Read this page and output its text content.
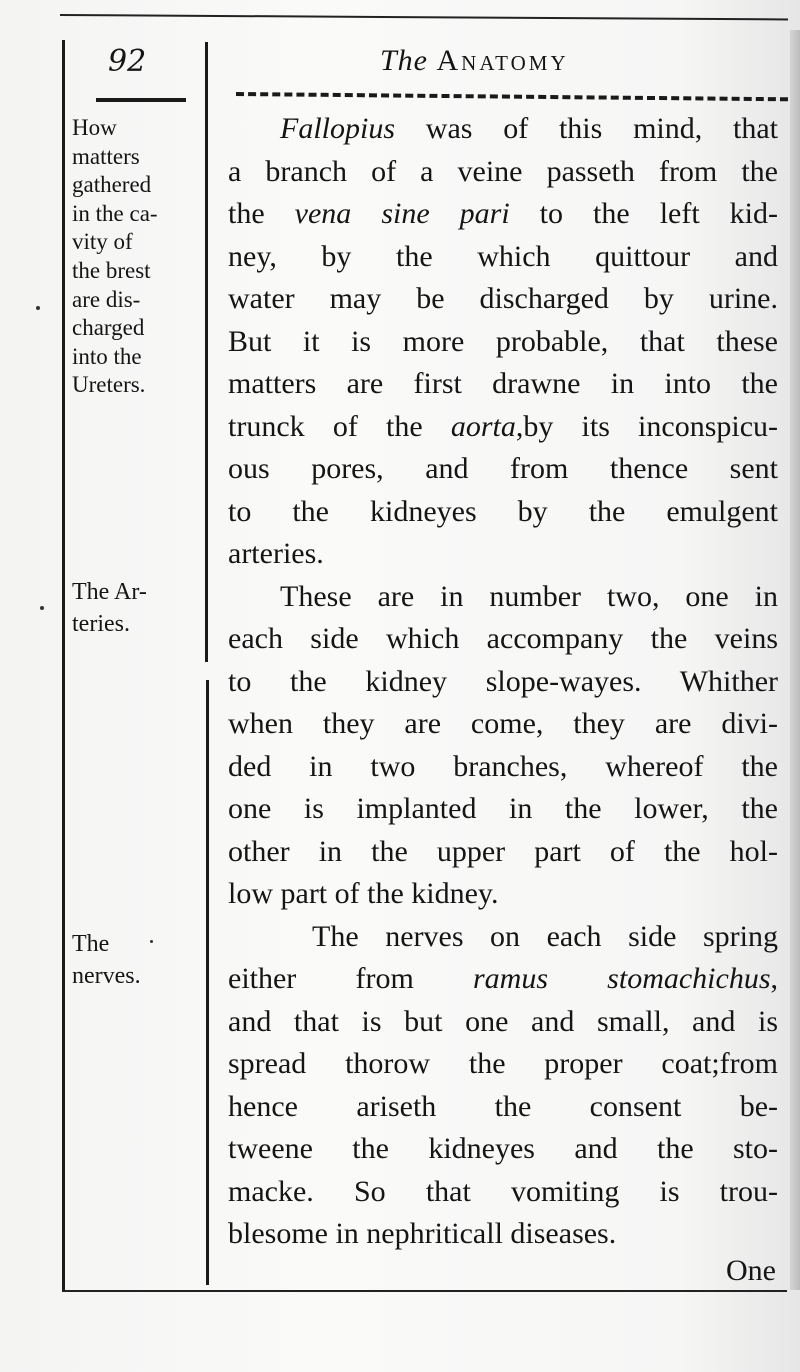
92	The Anatomy
How
matters
gathered
in the ca-
vity of
the brest
are dis-
charged
into the
Ureters.
The Ar-
teries.
The
nerves.
Fallopius was of this mind, that
a branch of a veine passeth from the
the vena sine pari to the left kid-
ney, by the which quittour and
water may be discharged by urine.
But it is more probable, that these
matters are first drawne in into the
trunck of the aorta,by its inconspicu-
ous pores, and from thence sent
to the kidneyes by the emulgent
arteries.
These are in number two, one in
each side which accompany the veins
to the kidney slope-wayes. Whither
when they are come, they are divi-
ded in two branches, whereof the
one is implanted in the lower, the
other in the upper part of the hol-
low part of the kidney.
The nerves on each side spring
either from ramus stomachichus,
and that is but one and small, and is
spread thorow the proper coat;from
hence ariseth the consent be-
tweene the kidneyes and the sto-
macke. So that vomiting is trou-
blesome in nephriticall diseases.
One
